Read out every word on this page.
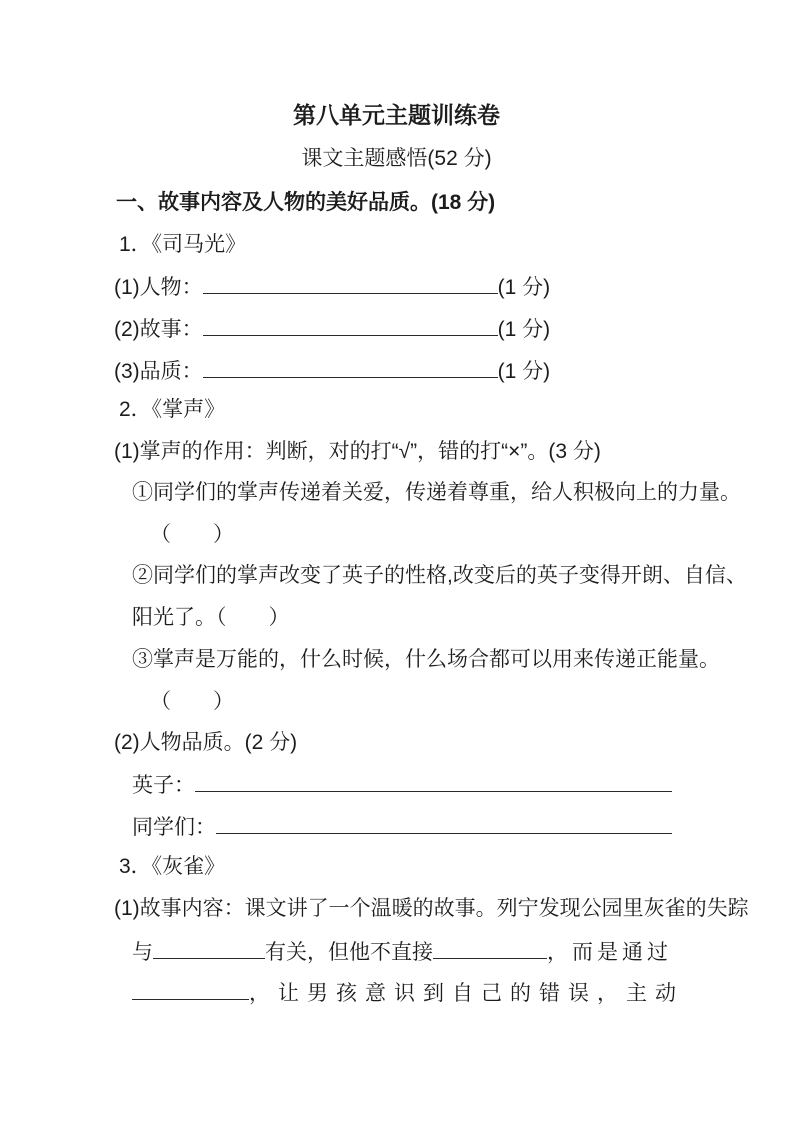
第八单元主题训练卷
课文主题感悟(52 分)
一、故事内容及人物的美好品质。(18 分)
1．《司马光》
(1)人物：	(1 分)
(2)故事：	(1 分)
(3)品质：	(1 分)
2．《掌声》
(1)掌声的作用：判断，对的打“√”，错的打“×”。(3 分)
①同学们的掌声传递着关爱，传递着尊重，给人积极向上的力量。
（　　）
②同学们的掌声改变了英子的性格,改变后的英子变得开朗、自信、
阳光了。（　　）
③掌声是万能的，什么时候，什么场合都可以用来传递正能量。
（　　）
(2)人物品质。(2 分)
英子：
同学们：
3．《灰雀》
(1)故事内容：课文讲了一个温暖的故事。列宁发现公园里灰雀的失踪
与	有关，但他不直接	，而是通过
，让男孩意识到自己的错误，主动
